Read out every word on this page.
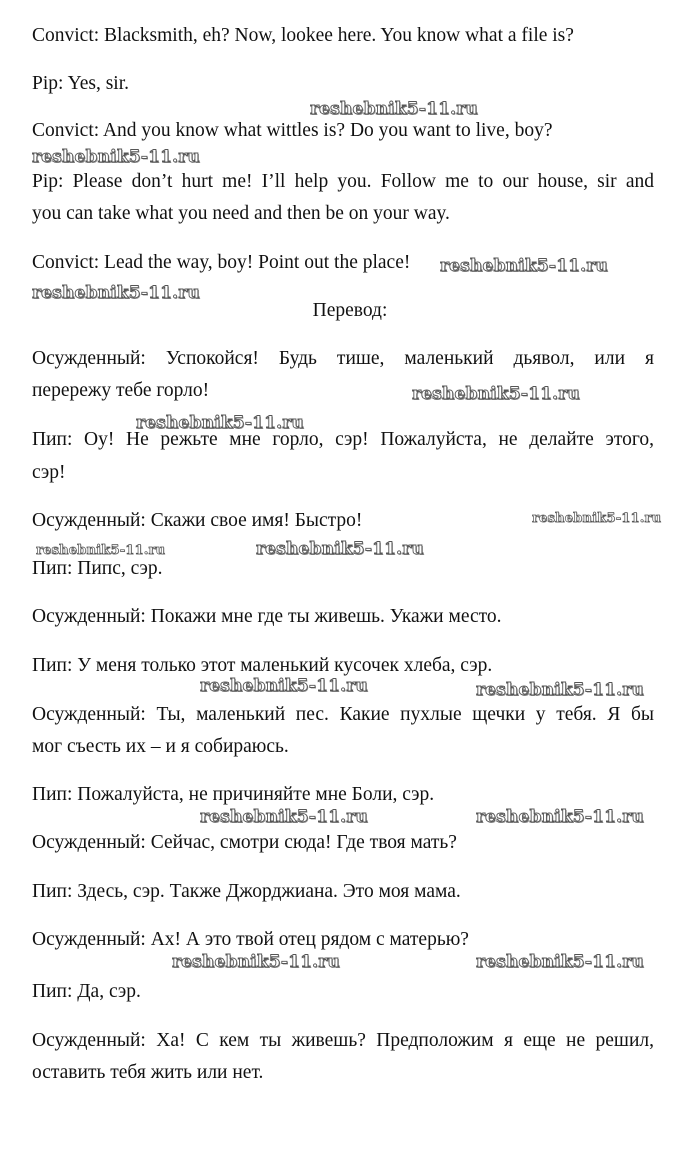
Convict: Blacksmith, eh? Now, lookee here. You know what a file is?
Pip: Yes, sir.
Convict: And you know what wittles is? Do you want to live, boy?
Pip: Please don’t hurt me! I’ll help you. Follow me to our house, sir and
you can take what you need and then be on your way.
Convict: Lead the way, boy! Point out the place!
Перевод:
Осужденный: Успокойся! Будь тише, маленький дьявол, или я
перережу тебе горло!
Пип: Оу! Не режьте мне горло, сэр! Пожалуйста, не делайте этого,
сэр!
Осужденный: Скажи свое имя! Быстро!
Пип: Пипс, сэр.
Осужденный: Покажи мне где ты живешь. Укажи место.
Пип: У меня только этот маленький кусочек хлеба, сэр.
Осужденный: Ты, маленький пес. Какие пухлые щечки у тебя. Я бы
мог съесть их – и я собираюсь.
Пип: Пожалуйста, не причиняйте мне Боли, сэр.
Осужденный: Сейчас, смотри сюда! Где твоя мать?
Пип: Здесь, сэр. Также Джорджиана. Это моя мама.
Осужденный: Ах! А это твой отец рядом с матерью?
Пип: Да, сэр.
Осужденный: Ха! С кем ты живешь? Предположим я еще не решил,
оставить тебя жить или нет.
reshebnik5-11.ru
reshebnik5-11.ru
reshebnik5-11.ru
reshebnik5-11.ru
reshebnik5-11.ru
reshebnik5-11.ru
reshebnik5-11.ru
reshebnik5-11.ru	reshebnik5-11.ru
reshebnik5-11.ru	reshebnik5-11.ru
reshebnik5-11.ru	reshebnik5-11.ru
reshebnik5-11.ru	reshebnik5-11.ru
